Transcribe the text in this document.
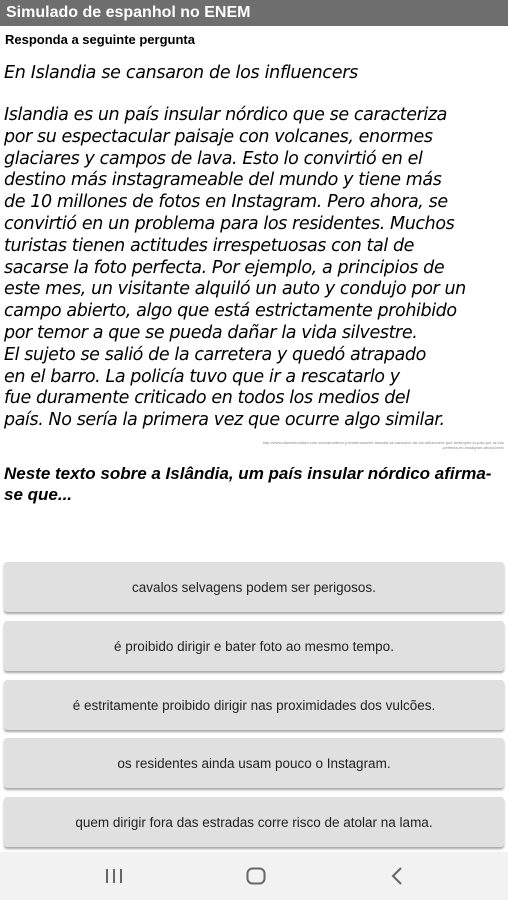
Simulado de espanhol no ENEM
Responda a seguinte pergunta
En Islandia se cansaron de los influencers
Islandia es un país insular nórdico que se caracteriza
por su espectacular paisaje con volcanes, enormes
glaciares y campos de lava. Esto lo convirtió en el
destino más instagrameable del mundo y tiene más
de 10 millones de fotos en Instagram. Pero ahora, se
convirtió en un problema para los residentes. Muchos
turistas tienen actitudes irrespetuosas con tal de
sacarse la foto perfecta. Por ejemplo, a principios de
este mes, un visitante alquiló un auto y condujo por un
campo abierto, algo que está estrictamente prohibido
por temor a que se pueda dañar la vida silvestre.
El sujeto se salió de la carretera y quedó atrapado
en el barro. La policía tuvo que ir a rescatarlo y
fue duramente criticado en todos los medios del
país. No sería la primera vez que ocurre algo similar.
http://www.diariodecultura.com.ar/costumbres-y-tendencias/en-islandia-se-cansaron-de-los-influencers-que-destruyen-el-pais-por-la-foto
-perfecta-en-instagram-ahora-bien/
Neste texto sobre a Islândia, um país insular nórdico afirma-se que...
cavalos selvagens podem ser perigosos.
é proibido dirigir e bater foto ao mesmo tempo.
é estritamente proibido dirigir nas proximidades dos vulcões.
os residentes ainda usam pouco o Instagram.
quem dirigir fora das estradas corre risco de atolar na lama.
